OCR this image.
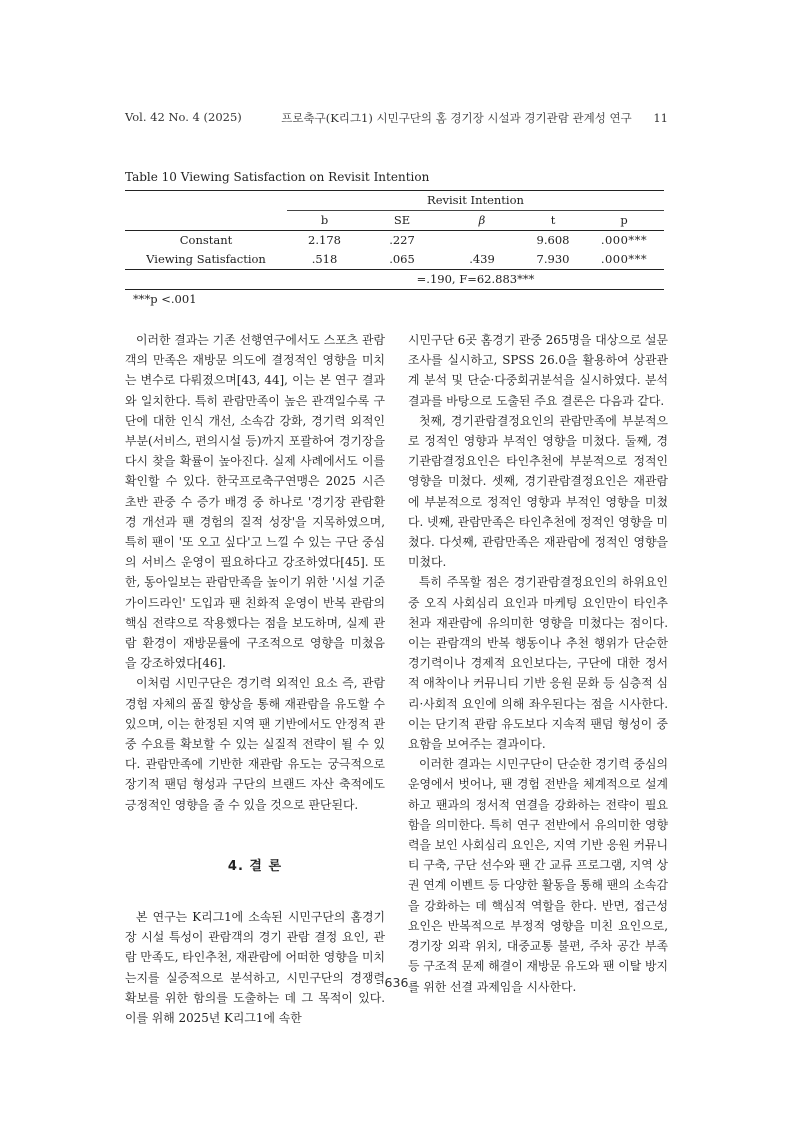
Vol. 42 No. 4 (2025)	프로축구(K리그1) 시민구단의 홈 경기장 시설과 경기관람 관계성 연구 11
Table 10 Viewing Satisfaction on Revisit Intention
	Revisit Intention				
	b	SE	β	t	p
Constant	2.178	.227		9.608	.000***
Viewing Satisfaction	.518	.065	.439	7.930	.000***
	=.190, F=62.883***				
***p <.001

이러한 결과는 기존 선행연구에서도 스포츠 관람객의 만족은 재방문 의도에 결정적인 영향을 미치는 변수로 다뤄졌으며[43, 44], 이는 본 연구 결과와 일치한다. 특히 관람만족이 높은 관객일수록 구단에 대한 인식 개선, 소속감 강화, 경기력 외적인 부분(서비스, 편의시설 등)까지 포괄하여 경기장을 다시 찾을 확률이 높아진다. 실제 사례에서도 이를 확인할 수 있다. 한국프로축구연맹은 2025 시즌 초반 관중 수 증가 배경 중 하나로 '경기장 관람환경 개선과 팬 경험의 질적 성장'을 지목하였으며, 특히 팬이 '또 오고 싶다'고 느낄 수 있는 구단 중심의 서비스 운영이 필요하다고 강조하였다[45]. 또한, 동아일보는 관람만족을 높이기 위한 '시설 기준 가이드라인' 도입과 팬 친화적 운영이 반복 관람의 핵심 전략으로 작용했다는 점을 보도하며, 실제 관람 환경이 재방문률에 구조적으로 영향을 미쳤음을 강조하였다[46].

이처럼 시민구단은 경기력 외적인 요소 즉, 관람 경험 자체의 품질 향상을 통해 재관람을 유도할 수 있으며, 이는 한정된 지역 팬 기반에서도 안정적 관중 수요를 확보할 수 있는 실질적 전략이 될 수 있다. 관람만족에 기반한 재관람 유도는 궁극적으로 장기적 팬덤 형성과 구단의 브랜드 자산 축적에도 긍정적인 영향을 줄 수 있을 것으로 판단된다.

4. 결 론

본 연구는 K리그1에 소속된 시민구단의 홈경기장 시설 특성이 관람객의 경기 관람 결정 요인, 관람 만족도, 타인추천, 재관람에 어떠한 영향을 미치는지를 실증적으로 분석하고, 시민구단의 경쟁력 확보를 위한 함의를 도출하는 데 그 목적이 있다. 이를 위해 2025년 K리그1에 속한

시민구단 6곳 홈경기 관중 265명을 대상으로 설문조사를 실시하고, SPSS 26.0을 활용하여 상관관계 분석 및 단순·다중회귀분석을 실시하였다. 분석 결과를 바탕으로 도출된 주요 결론은 다음과 같다.

첫째, 경기관람결정요인의 관람만족에 부분적으로 정적인 영향과 부적인 영향을 미쳤다. 둘째, 경기관람결정요인은 타인추천에 부분적으로 정적인 영향을 미쳤다. 셋째, 경기관람결정요인은 재관람에 부분적으로 정적인 영향과 부적인 영향을 미쳤다. 넷째, 관람만족은 타인추천에 정적인 영향을 미쳤다. 다섯째, 관람만족은 재관람에 정적인 영향을 미쳤다.

특히 주목할 점은 경기관람결정요인의 하위요인 중 오직 사회심리 요인과 마케팅 요인만이 타인추천과 재관람에 유의미한 영향을 미쳤다는 점이다. 이는 관람객의 반복 행동이나 추천 행위가 단순한 경기력이나 경제적 요인보다는, 구단에 대한 정서적 애착이나 커뮤니티 기반 응원 문화 등 심층적 심리·사회적 요인에 의해 좌우된다는 점을 시사한다. 이는 단기적 관람 유도보다 지속적 팬덤 형성이 중요함을 보여주는 결과이다.

이러한 결과는 시민구단이 단순한 경기력 중심의 운영에서 벗어나, 팬 경험 전반을 체계적으로 설계하고 팬과의 정서적 연결을 강화하는 전략이 필요함을 의미한다. 특히 연구 전반에서 유의미한 영향력을 보인 사회심리 요인은, 지역 기반 응원 커뮤니티 구축, 구단 선수와 팬 간 교류 프로그램, 지역 상권 연계 이벤트 등 다양한 활동을 통해 팬의 소속감을 강화하는 데 핵심적 역할을 한다. 반면, 접근성 요인은 반복적으로 부정적 영향을 미친 요인으로, 경기장 외곽 위치, 대중교통 불편, 주차 공간 부족 등 구조적 문제 해결이 재방문 유도와 팬 이탈 방지를 위한 선결 과제임을 시사한다.

- 636 -
